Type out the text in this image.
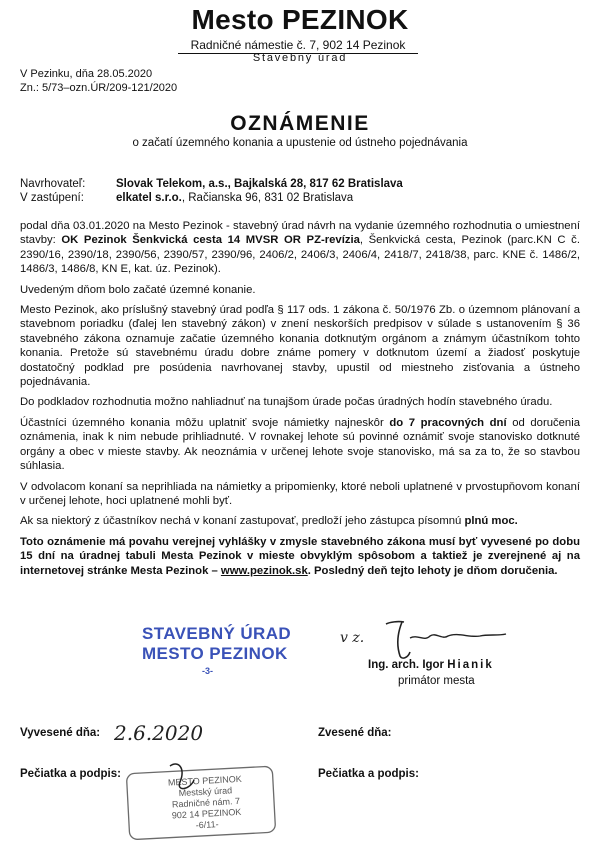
Mesto PEZINOK
Radničné námestie č. 7, 902 14 Pezinok
Stavebný úrad
V Pezinku, dňa 28.05.2020
Zn.: 5/73–ozn.ÚR/209-121/2020
OZNÁMENIE
o začatí územného konania a upustenie od ústneho pojednávania
Navrhovateľ:	Slovak Telekom, a.s., Bajkalská 28, 817 62 Bratislava
V zastúpení:	elkatel s.r.o., Račianska 96, 831 02 Bratislava

podal dňa 03.01.2020 na Mesto Pezinok - stavebný úrad návrh na vydanie územného rozhodnutia o umiestnení stavby: OK Pezinok Šenkvická cesta 14 MVSR OR PZ-revízia, Šenkvická cesta, Pezinok (parc.KN C č. 2390/16, 2390/18, 2390/56, 2390/57, 2390/96, 2406/2, 2406/3, 2406/4, 2418/7, 2418/38, parc. KNE č. 1486/2, 1486/3, 1486/8, KN E, kat. úz. Pezinok).

Uvedeným dňom bolo začaté územné konanie.

Mesto Pezinok, ako príslušný stavebný úrad podľa § 117 ods. 1 zákona č. 50/1976 Zb. o územnom plánovaní a stavebnom poriadku (ďalej len stavebný zákon) v znení neskorších predpisov v súlade s ustanovením § 36 stavebného zákona oznamuje začatie územného konania dotknutým orgánom a známym účastníkom tohto konania. Pretože sú stavebnému úradu dobre známe pomery v dotknutom území a žiadosť poskytuje dostatočný podklad pre posúdenia navrhovanej stavby, upustil od miestneho zisťovania a ústneho pojednávania.

Do podkladov rozhodnutia možno nahliadnuť na tunajšom úrade počas úradných hodín stavebného úradu.

Účastníci územného konania môžu uplatniť svoje námietky najneskôr do 7 pracovných dní od doručenia oznámenia, inak k nim nebude prihliadnuté. V rovnakej lehote sú povinné oznámiť svoje stanovisko dotknuté orgány a obec v mieste stavby. Ak neoznámia v určenej lehote svoje stanovisko, má sa za to, že so stavbou súhlasia.

V odvolacom konaní sa neprihliada na námietky a pripomienky, ktoré neboli uplatnené v prvostupňovom konaní v určenej lehote, hoci uplatnené mohli byť.

Ak sa niektorý z účastníkov nechá v konaní zastupovať, predloží jeho zástupca písomnú plnú moc.

Toto oznámenie má povahu verejnej vyhlášky v zmysle stavebného zákona musí byť vyvesené po dobu 15 dní na úradnej tabuli Mesta Pezinok v mieste obvyklým spôsobom a taktiež je zverejnené aj na internetovej stránke Mesta Pezinok – www.pezinok.sk. Posledný deň tejto lehoty je dňom doručenia.

STAVEBNÝ ÚRAD
MESTO PEZINOK
-3-
v z.
Ing. arch. Igor Hianik
primátor mesta
Vyvesené dňa: 2.6.2020	Zvesené dňa:
Pečiatka a podpis:	Pečiatka a podpis:
MESTO PEZINOK
Mestský úrad
Radničné nám. 7
902 14 PEZINOK
-6/11-
